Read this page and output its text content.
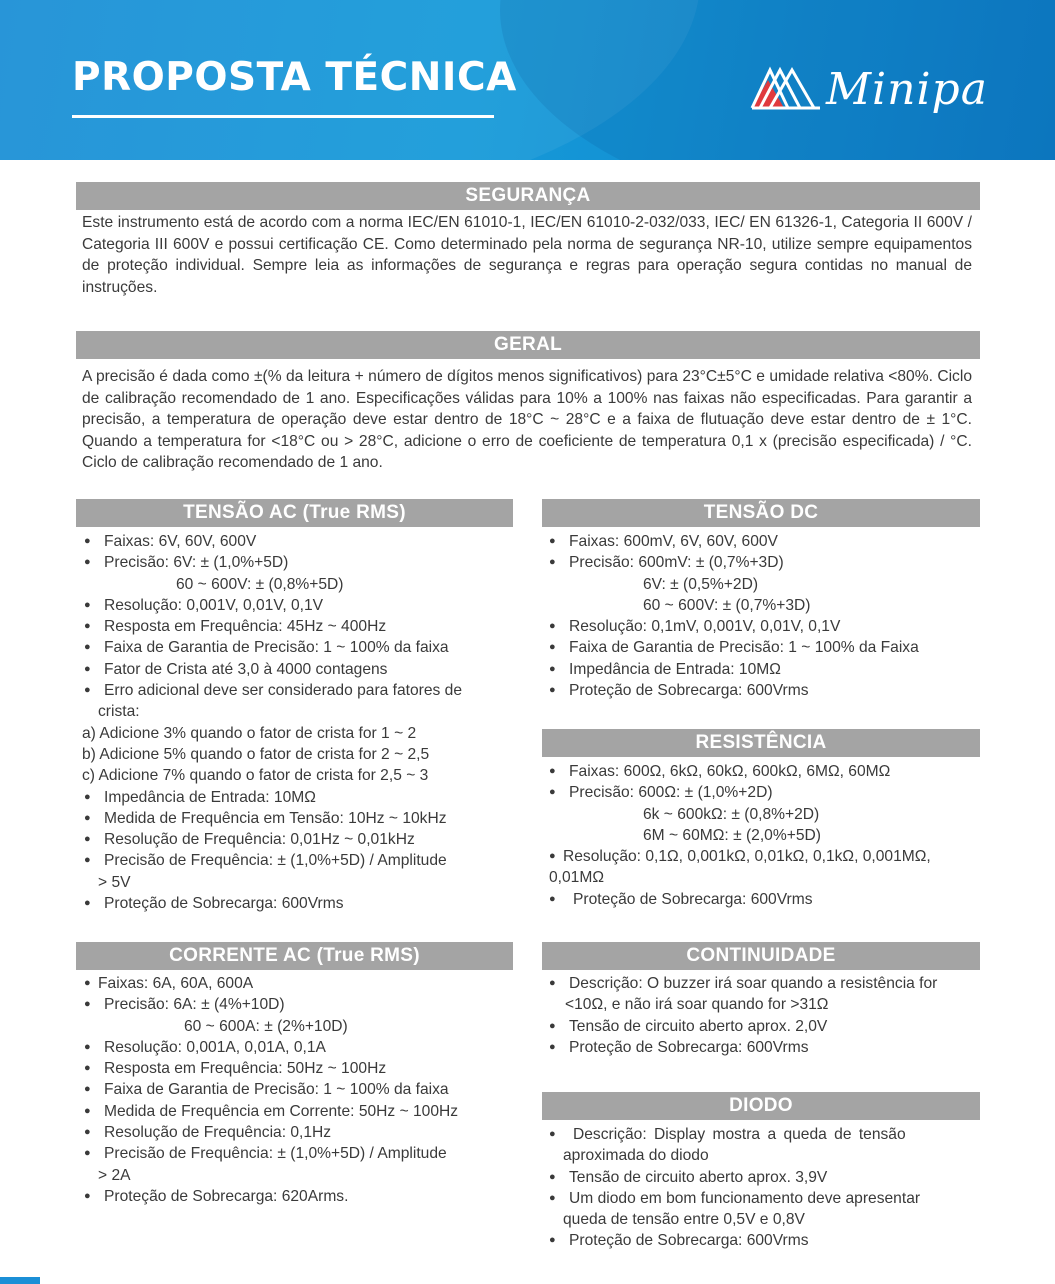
PROPOSTA TÉCNICA	Minipa
SEGURANÇA

Este instrumento está de acordo com a norma IEC/EN 61010-1, IEC/EN 61010-2-032/033, IEC/ EN 61326-1, Categoria II 600V / Categoria III 600V e possui certificação CE. Como determinado pela norma de segurança NR-10, utilize sempre equipamentos de proteção individual. Sempre leia as informações de segurança e regras para operação segura contidas no manual de instruções.

GERAL

A precisão é dada como ±(% da leitura + número de dígitos menos significativos) para 23°C±5°C e umidade relativa <80%. Ciclo de calibração recomendado de 1 ano. Especificações válidas para 10% a 100% nas faixas não especificadas. Para garantir a precisão, a temperatura de operação deve estar dentro de 18°C ~ 28°C e a faixa de flutuação deve estar dentro de ± 1°C. Quando a temperatura for <18°C ou > 28°C, adicione o erro de coeficiente de temperatura 0,1 x (precisão especificada) / °C. Ciclo de calibração recomendado de 1 ano.

TENSÃO AC (True RMS)
● Faixas: 6V, 60V, 600V
● Precisão: 6V: ± (1,0%+5D)
60 ~ 600V: ± (0,8%+5D)
● Resolução: 0,001V, 0,01V, 0,1V
● Resposta em Frequência: 45Hz ~ 400Hz
● Faixa de Garantia de Precisão: 1 ~ 100% da faixa
● Fator de Crista até 3,0 à 4000 contagens
● Erro adicional deve ser considerado para fatores de
crista:
a) Adicione 3% quando o fator de crista for 1 ~ 2
b) Adicione 5% quando o fator de crista for 2 ~ 2,5
c) Adicione 7% quando o fator de crista for 2,5 ~ 3
● Impedância de Entrada: 10MΩ
● Medida de Frequência em Tensão: 10Hz ~ 10kHz
● Resolução de Frequência: 0,01Hz ~ 0,01kHz
● Precisão de Frequência: ± (1,0%+5D) / Amplitude
> 5V
● Proteção de Sobrecarga: 600Vrms
CORRENTE AC (True RMS)
● Faixas: 6A, 60A, 600A
● Precisão: 6A: ± (4%+10D)
60 ~ 600A: ± (2%+10D)
● Resolução: 0,001A, 0,01A, 0,1A
● Resposta em Frequência: 50Hz ~ 100Hz
● Faixa de Garantia de Precisão: 1 ~ 100% da faixa
● Medida de Frequência em Corrente: 50Hz ~ 100Hz
● Resolução de Frequência: 0,1Hz
● Precisão de Frequência: ± (1,0%+5D) / Amplitude
> 2A
● Proteção de Sobrecarga: 620Arms.
TENSÃO DC
● Faixas: 600mV, 6V, 60V, 600V
● Precisão: 600mV: ± (0,7%+3D)
6V: ± (0,5%+2D)
60 ~ 600V: ± (0,7%+3D)
● Resolução: 0,1mV, 0,001V, 0,01V, 0,1V
● Faixa de Garantia de Precisão: 1 ~ 100% da Faixa
● Impedância de Entrada: 10MΩ
● Proteção de Sobrecarga: 600Vrms
RESISTÊNCIA
● Faixas: 600Ω, 6kΩ, 60kΩ, 600kΩ, 6MΩ, 60MΩ
● Precisão: 600Ω: ± (1,0%+2D)
6k ~ 600kΩ: ± (0,8%+2D)
6M ~ 60MΩ: ± (2,0%+5D)
● Resolução: 0,1Ω, 0,001kΩ, 0,01kΩ, 0,1kΩ, 0,001MΩ,
0,01MΩ
● Proteção de Sobrecarga: 600Vrms
CONTINUIDADE
● Descrição: O buzzer irá soar quando a resistência for
<10Ω, e não irá soar quando for >31Ω
● Tensão de circuito aberto aprox. 2,0V
● Proteção de Sobrecarga: 600Vrms
DIODO
● Descrição: Display mostra a queda de tensão
aproximada do diodo
● Tensão de circuito aberto aprox. 3,9V
● Um diodo em bom funcionamento deve apresentar
queda de tensão entre 0,5V e 0,8V
● Proteção de Sobrecarga: 600Vrms
